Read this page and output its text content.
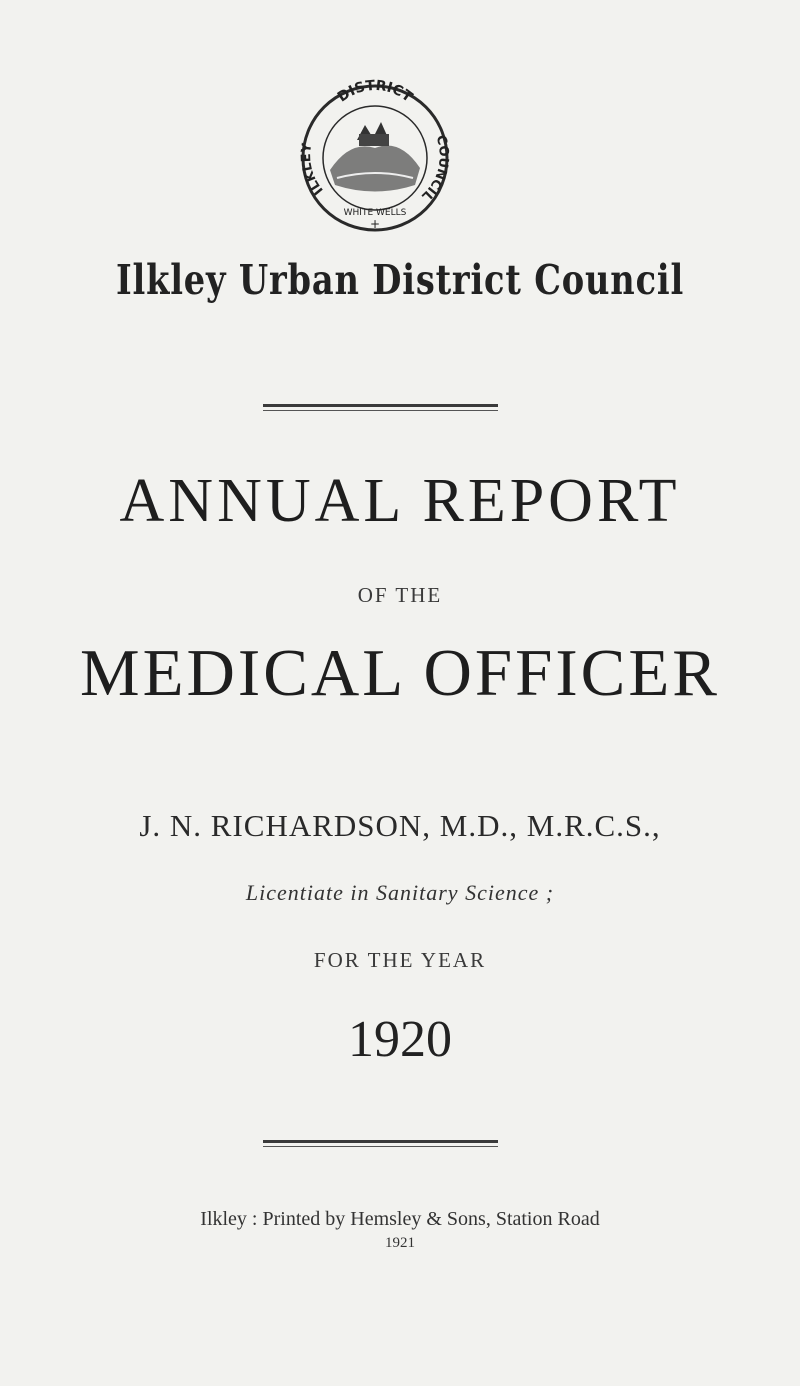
DISTRICT
ILKLEY
COUNCIL
WHITE WELLS
+
Ilkley Urban District Council
ANNUAL REPORT
OF THE
MEDICAL OFFICER
J. N. RICHARDSON, M.D., M.R.C.S.,
Licentiate in Sanitary Science ;
FOR THE YEAR
1920
Ilkley : Printed by Hemsley & Sons, Station Road
1921
